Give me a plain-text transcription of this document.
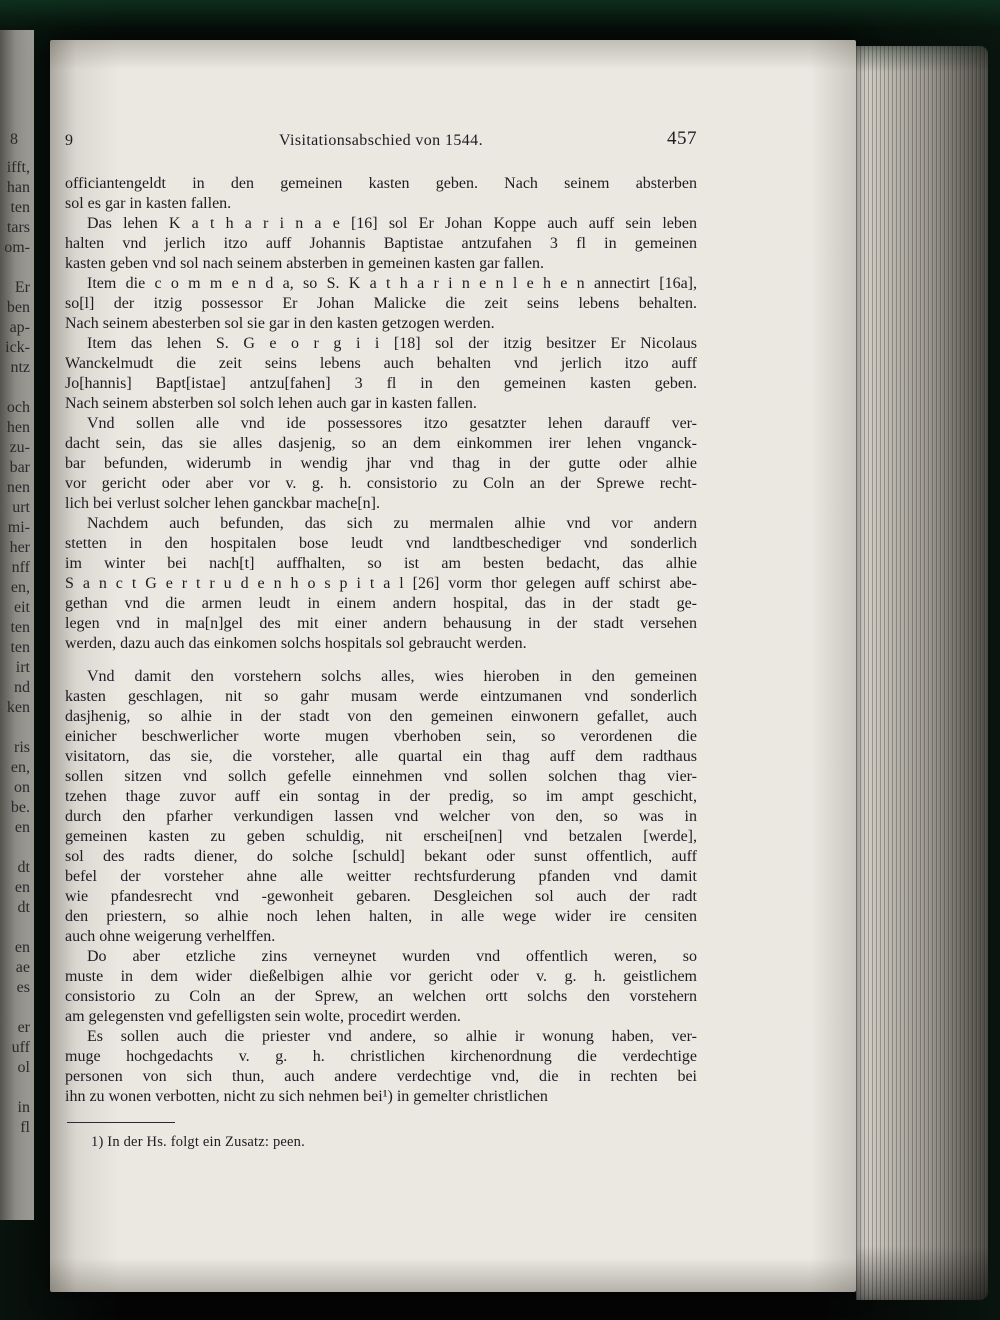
8
ifft,
han
ten
tars
om-

Er
ben
ap-
ick-
ntz

och
hen
zu-
bar
nen
urt
mi-
her
nff
en,
eit
ten
ten
irt
nd
ken

ris
en,
on
be.
en

dt
en
dt

en
ae
es

er
uff
ol

in
fl
9	Visitationsabschied von 1544.	457
officiantengeldt in den gemeinen kasten geben. Nach seinem absterben
sol es gar in kasten fallen.
Das lehen K a t h a r i n a e [16] sol Er Johan Koppe auch auff sein leben
halten vnd jerlich itzo auff Johannis Baptistae antzufahen 3 fl in gemeinen
kasten geben vnd sol nach seinem absterben in gemeinen kasten gar fallen.
Item die c o m m e n d a, so S. K a t h a r i n e n l e h e n annectirt [16a],
so[l] der itzig possessor Er Johan Malicke die zeit seins lebens behalten.
Nach seinem abesterben sol sie gar in den kasten getzogen werden.
Item das lehen S. G e o r g i i [18] sol der itzig besitzer Er Nicolaus
Wanckelmudt die zeit seins lebens auch behalten vnd jerlich itzo auff
Jo[hannis] Bapt[istae] antzu[fahen] 3 fl in den gemeinen kasten geben.
Nach seinem absterben sol solch lehen auch gar in kasten fallen.
Vnd sollen alle vnd ide possessores itzo gesatzter lehen darauff ver-
dacht sein, das sie alles dasjenig, so an dem einkommen irer lehen vnganck-
bar befunden, widerumb in wendig jhar vnd thag in der gutte oder alhie
vor gericht oder aber vor v. g. h. consistorio zu Coln an der Sprewe recht-
lich bei verlust solcher lehen ganckbar mache[n].
Nachdem auch befunden, das sich zu mermalen alhie vnd vor andern
stetten in den hospitalen bose leudt vnd landtbeschediger vnd sonderlich
im winter bei nach[t] auffhalten, so ist am besten bedacht, das alhie
S a n c t G e r t r u d e n h o s p i t a l [26] vorm thor gelegen auff schirst abe-
gethan vnd die armen leudt in einem andern hospital, das in der stadt ge-
legen vnd in ma[n]gel des mit einer andern behausung in der stadt versehen
werden, dazu auch das einkomen solchs hospitals sol gebraucht werden.
Vnd damit den vorstehern solchs alles, wies hieroben in den gemeinen
kasten geschlagen, nit so gahr musam werde eintzumanen vnd sonderlich
dasjhenig, so alhie in der stadt von den gemeinen einwonern gefallet, auch
einicher beschwerlicher worte mugen vberhoben sein, so verordenen die
visitatorn, das sie, die vorsteher, alle quartal ein thag auff dem radthaus
sollen sitzen vnd sollch gefelle einnehmen vnd sollen solchen thag vier-
tzehen thage zuvor auff ein sontag in der predig, so im ampt geschicht,
durch den pfarher verkundigen lassen vnd welcher von den, so was in
gemeinen kasten zu geben schuldig, nit erschei[nen] vnd betzalen [werde],
sol des radts diener, do solche [schuld] bekant oder sunst offentlich, auff
befel der vorsteher ahne alle weitter rechtsfurderung pfanden vnd damit
wie pfandesrecht vnd -gewonheit gebaren. Desgleichen sol auch der radt
den priestern, so alhie noch lehen halten, in alle wege wider ire censiten
auch ohne weigerung verhelffen.
Do aber etzliche zins verneynet wurden vnd offentlich weren, so
muste in dem wider dießelbigen alhie vor gericht oder v. g. h. geistlichem
consistorio zu Coln an der Sprew, an welchen ortt solchs den vorstehern
am gelegensten vnd gefelligsten sein wolte, procedirt werden.
Es sollen auch die priester vnd andere, so alhie ir wonung haben, ver-
muge hochgedachts v. g. h. christlichen kirchenordnung die verdechtige
personen von sich thun, auch andere verdechtige vnd, die in rechten bei
ihn zu wonen verbotten, nicht zu sich nehmen bei¹) in gemelter christlichen
1) In der Hs. folgt ein Zusatz: peen.
